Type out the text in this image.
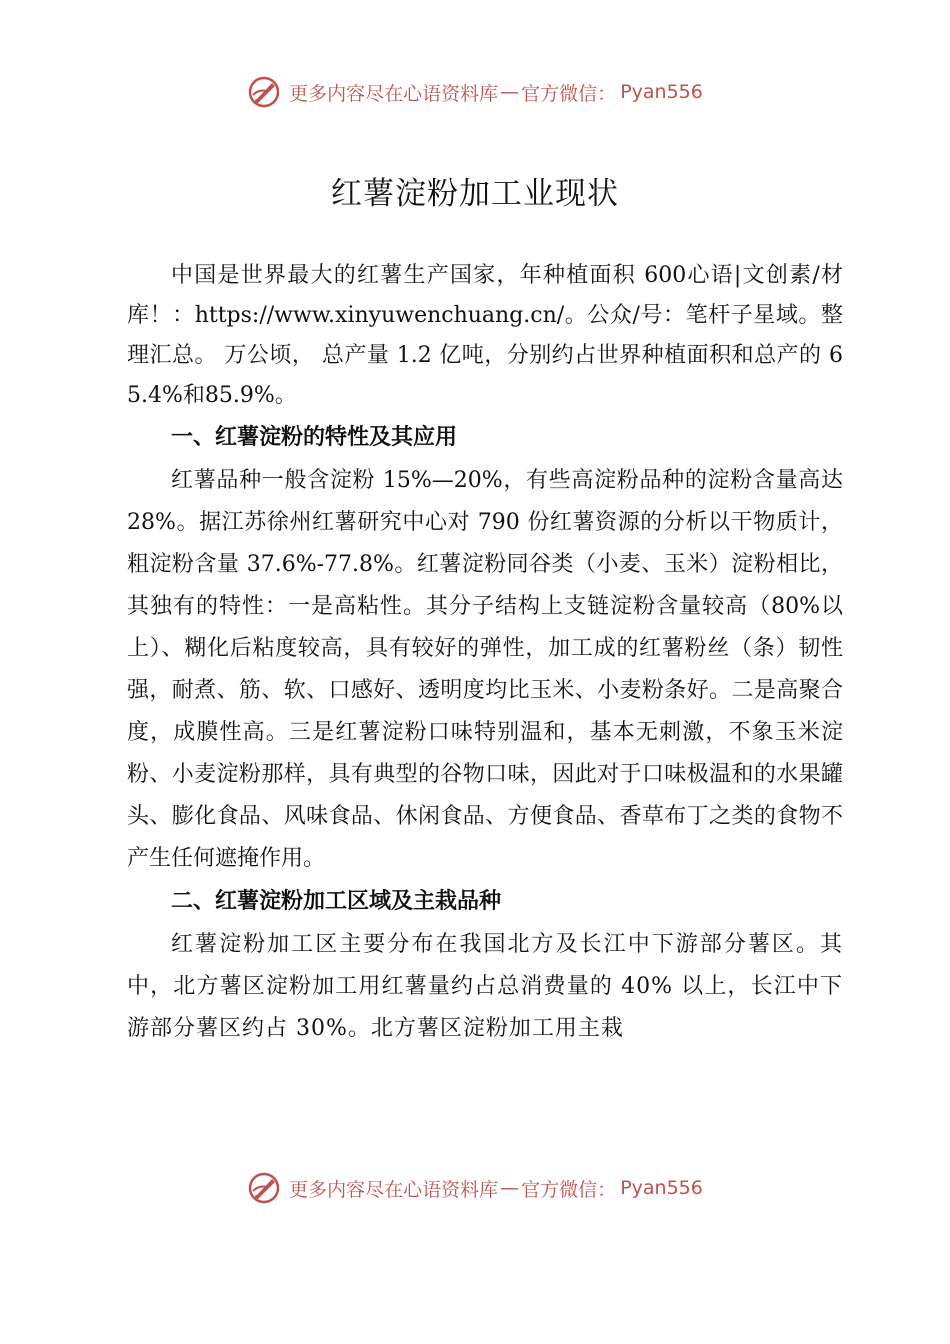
更多内容尽在心语资料库 — 官方微信： Pyan556
红薯淀粉加工业现状

中国是世界最大的红薯生产国家，年种植面积 600心语|文创素/材库！：https://www.xinyuwenchuang.cn/。公众/号：笔杆子星域。整理汇总。 万公顷， 总产量 1.2 亿吨，分别约占世界种植面积和总产的 65.4%和85.9%。

一、红薯淀粉的特性及其应用

红薯品种一般含淀粉 15%—20%，有些高淀粉品种的淀粉含量高达 28%。据江苏徐州红薯研究中心对 790 份红薯资源的分析以干物质计，粗淀粉含量 37.6%-77.8%。红薯淀粉同谷类（小麦、玉米）淀粉相比，其独有的特性：一是高粘性。其分子结构上支链淀粉含量较高（80%以上）、糊化后粘度较高，具有较好的弹性，加工成的红薯粉丝（条）韧性强，耐煮、筋、软、口感好、透明度均比玉米、小麦粉条好。二是高聚合度，成膜性高。三是红薯淀粉口味特别温和，基本无刺激，不象玉米淀粉、小麦淀粉那样，具有典型的谷物口味，因此对于口味极温和的水果罐头、膨化食品、风味食品、休闲食品、方便食品、香草布丁之类的食物不产生任何遮掩作用。

二、红薯淀粉加工区域及主栽品种

红薯淀粉加工区主要分布在我国北方及长江中下游部分薯区。其中，北方薯区淀粉加工用红薯量约占总消费量的 40% 以上，长江中下游部分薯区约占 30%。北方薯区淀粉加工用主栽

更多内容尽在心语资料库 — 官方微信： Pyan556
